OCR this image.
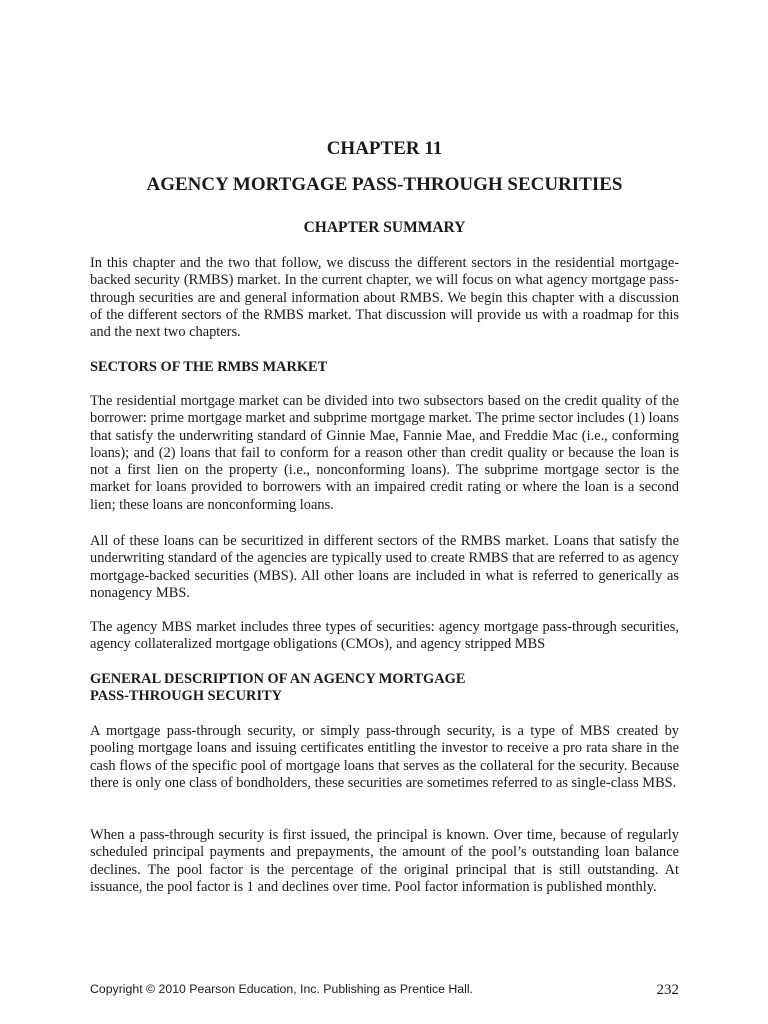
CHAPTER 11
AGENCY MORTGAGE PASS-THROUGH SECURITIES
CHAPTER SUMMARY

In this chapter and the two that follow, we discuss the different sectors in the residential mortgage-backed security (RMBS) market. In the current chapter, we will focus on what agency mortgage pass-through securities are and general information about RMBS. We begin this chapter with a discussion of the different sectors of the RMBS market. That discussion will provide us with a roadmap for this and the next two chapters.

SECTORS OF THE RMBS MARKET

The residential mortgage market can be divided into two subsectors based on the credit quality of the borrower: prime mortgage market and subprime mortgage market. The prime sector includes (1) loans that satisfy the underwriting standard of Ginnie Mae, Fannie Mae, and Freddie Mac (i.e., conforming loans); and (2) loans that fail to conform for a reason other than credit quality or because the loan is not a first lien on the property (i.e., nonconforming loans). The subprime mortgage sector is the market for loans provided to borrowers with an impaired credit rating or where the loan is a second lien; these loans are nonconforming loans.

All of these loans can be securitized in different sectors of the RMBS market. Loans that satisfy the underwriting standard of the agencies are typically used to create RMBS that are referred to as agency mortgage-backed securities (MBS). All other loans are included in what is referred to generically as nonagency MBS.

The agency MBS market includes three types of securities: agency mortgage pass-through securities, agency collateralized mortgage obligations (CMOs), and agency stripped MBS

GENERAL DESCRIPTION OF AN AGENCY MORTGAGE
PASS-THROUGH SECURITY

A mortgage pass-through security, or simply pass-through security, is a type of MBS created by pooling mortgage loans and issuing certificates entitling the investor to receive a pro rata share in the cash flows of the specific pool of mortgage loans that serves as the collateral for the security. Because there is only one class of bondholders, these securities are sometimes referred to as single-class MBS.

When a pass-through security is first issued, the principal is known. Over time, because of regularly scheduled principal payments and prepayments, the amount of the pool’s outstanding loan balance declines. The pool factor is the percentage of the original principal that is still outstanding. At issuance, the pool factor is 1 and declines over time. Pool factor information is published monthly.

Copyright © 2010 Pearson Education, Inc. Publishing as Prentice Hall.	232
